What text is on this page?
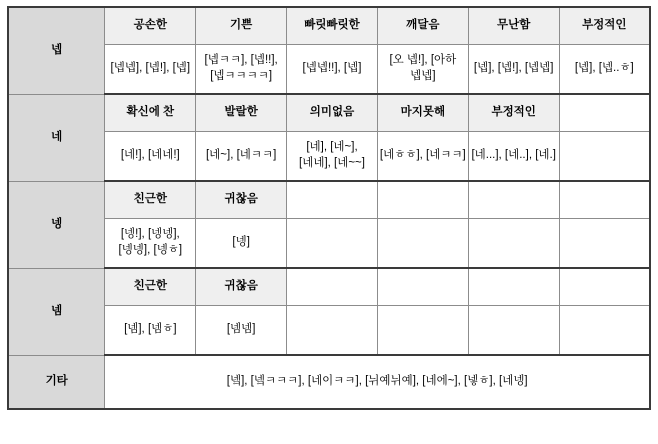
넵	공손한	기쁜	빠릿빠릿한	깨달음	무난함	부정적인
	[넵넵], [넵!], [넵]	[넵ㅋㅋ], [넵!!], [넵ㅋㅋㅋㅋ]	[넵넵!!], [넵]	[오 넵!], [아하 넵넵]	[넵], [넵!], [넵넵]	[넵], [넵..ㅎ]
네	확신에 찬	발랄한	의미없음	마지못해	부정적인	
	[네!], [네네!]	[네~], [네ㅋㅋ]	[네], [네~], [네네], [네~~]	[네ㅎㅎ], [네ㅋㅋ]	[네...], [네..], [네.]	
넹	친근한	귀찮음				
	[넹!], [넹넹], [넹넹], [넹ㅎ]	[넹]				
넴	친근한	귀찮음				
	[넴], [넴ㅎ]	[넴넴]				
기타	[넼], [넼ㅋㅋㅋ], [네이ㅋㅋ], [뉘예뉘예], [네에~], [넿ㅎ], [네넹]					
